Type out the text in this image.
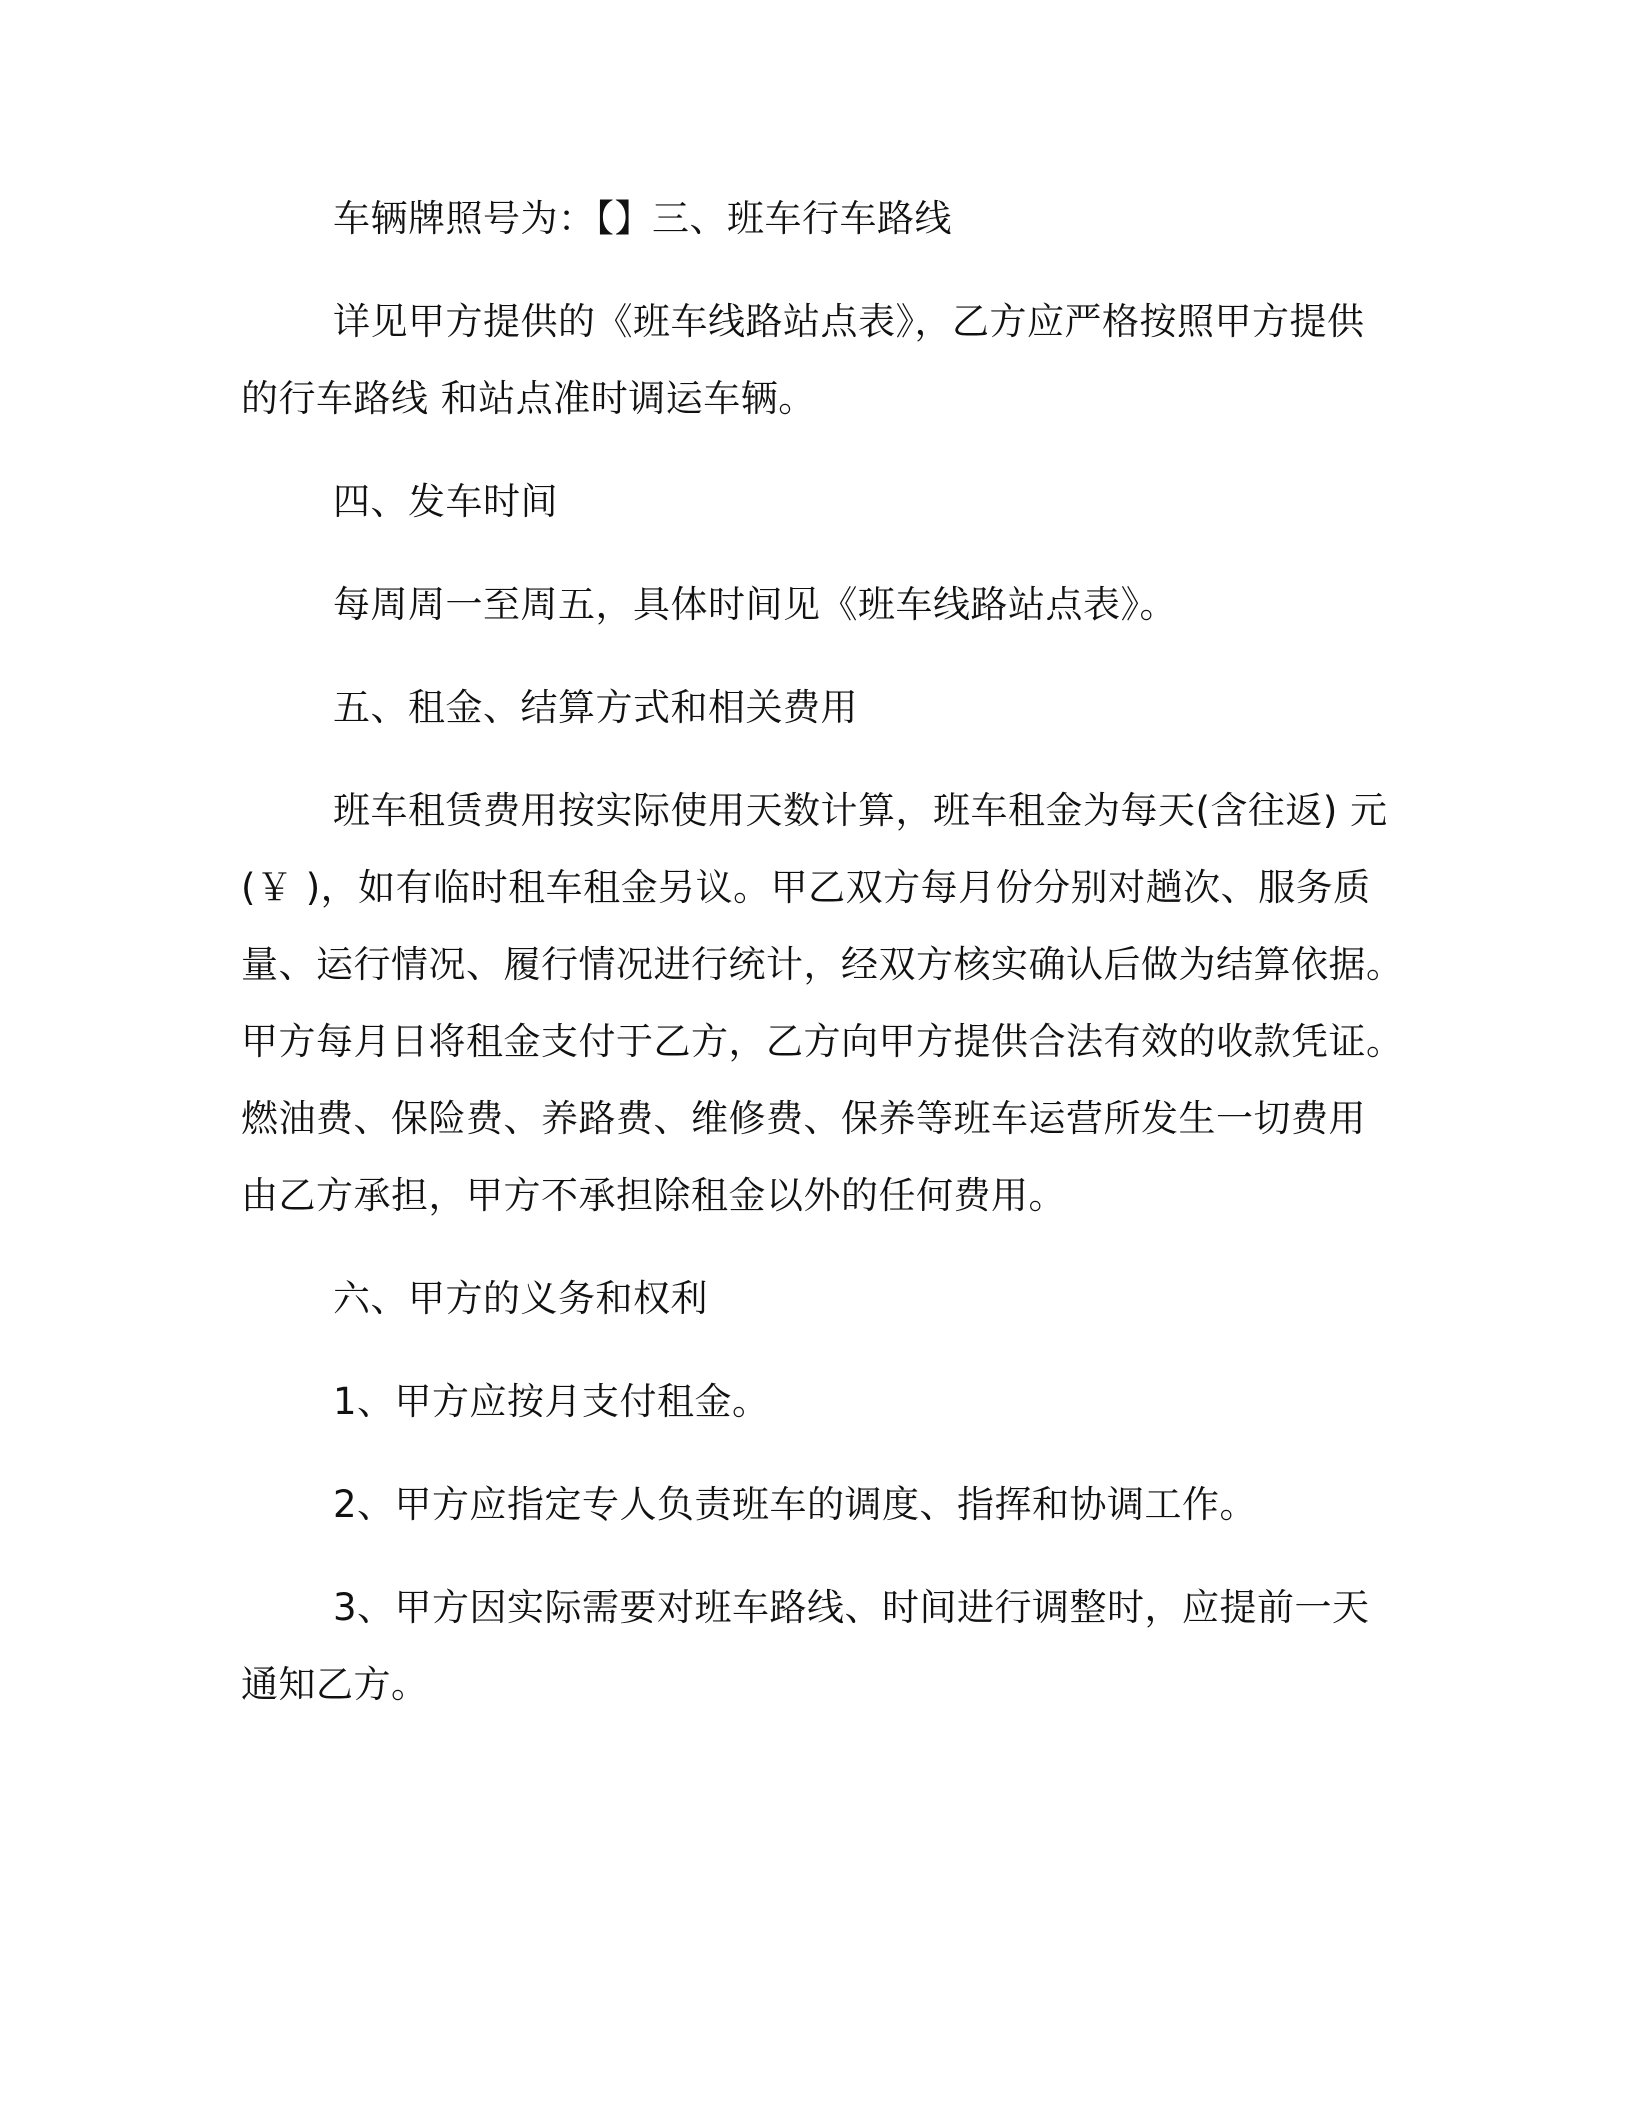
车辆牌照号为：【】三、班车行车路线
详见甲方提供的《班车线路站点表》，乙方应严格按照甲方提供
的行车路线 和站点准时调运车辆。
四、发车时间
每周周一至周五，具体时间见《班车线路站点表》。
五、租金、结算方式和相关费用
班车租赁费用按实际使用天数计算，班车租金为每天(含往返) 元
(￥ )，如有临时租车租金另议。甲乙双方每月份分别对趟次、服务质
量、运行情况、履行情况进行统计，经双方核实确认后做为结算依据。
甲方每月日将租金支付于乙方，乙方向甲方提供合法有效的收款凭证。
燃油费、保险费、养路费、维修费、保养等班车运营所发生一切费用
由乙方承担，甲方不承担除租金以外的任何费用。
六、甲方的义务和权利
1、甲方应按月支付租金。
2、甲方应指定专人负责班车的调度、指挥和协调工作。
3、甲方因实际需要对班车路线、时间进行调整时，应提前一天
通知乙方。
